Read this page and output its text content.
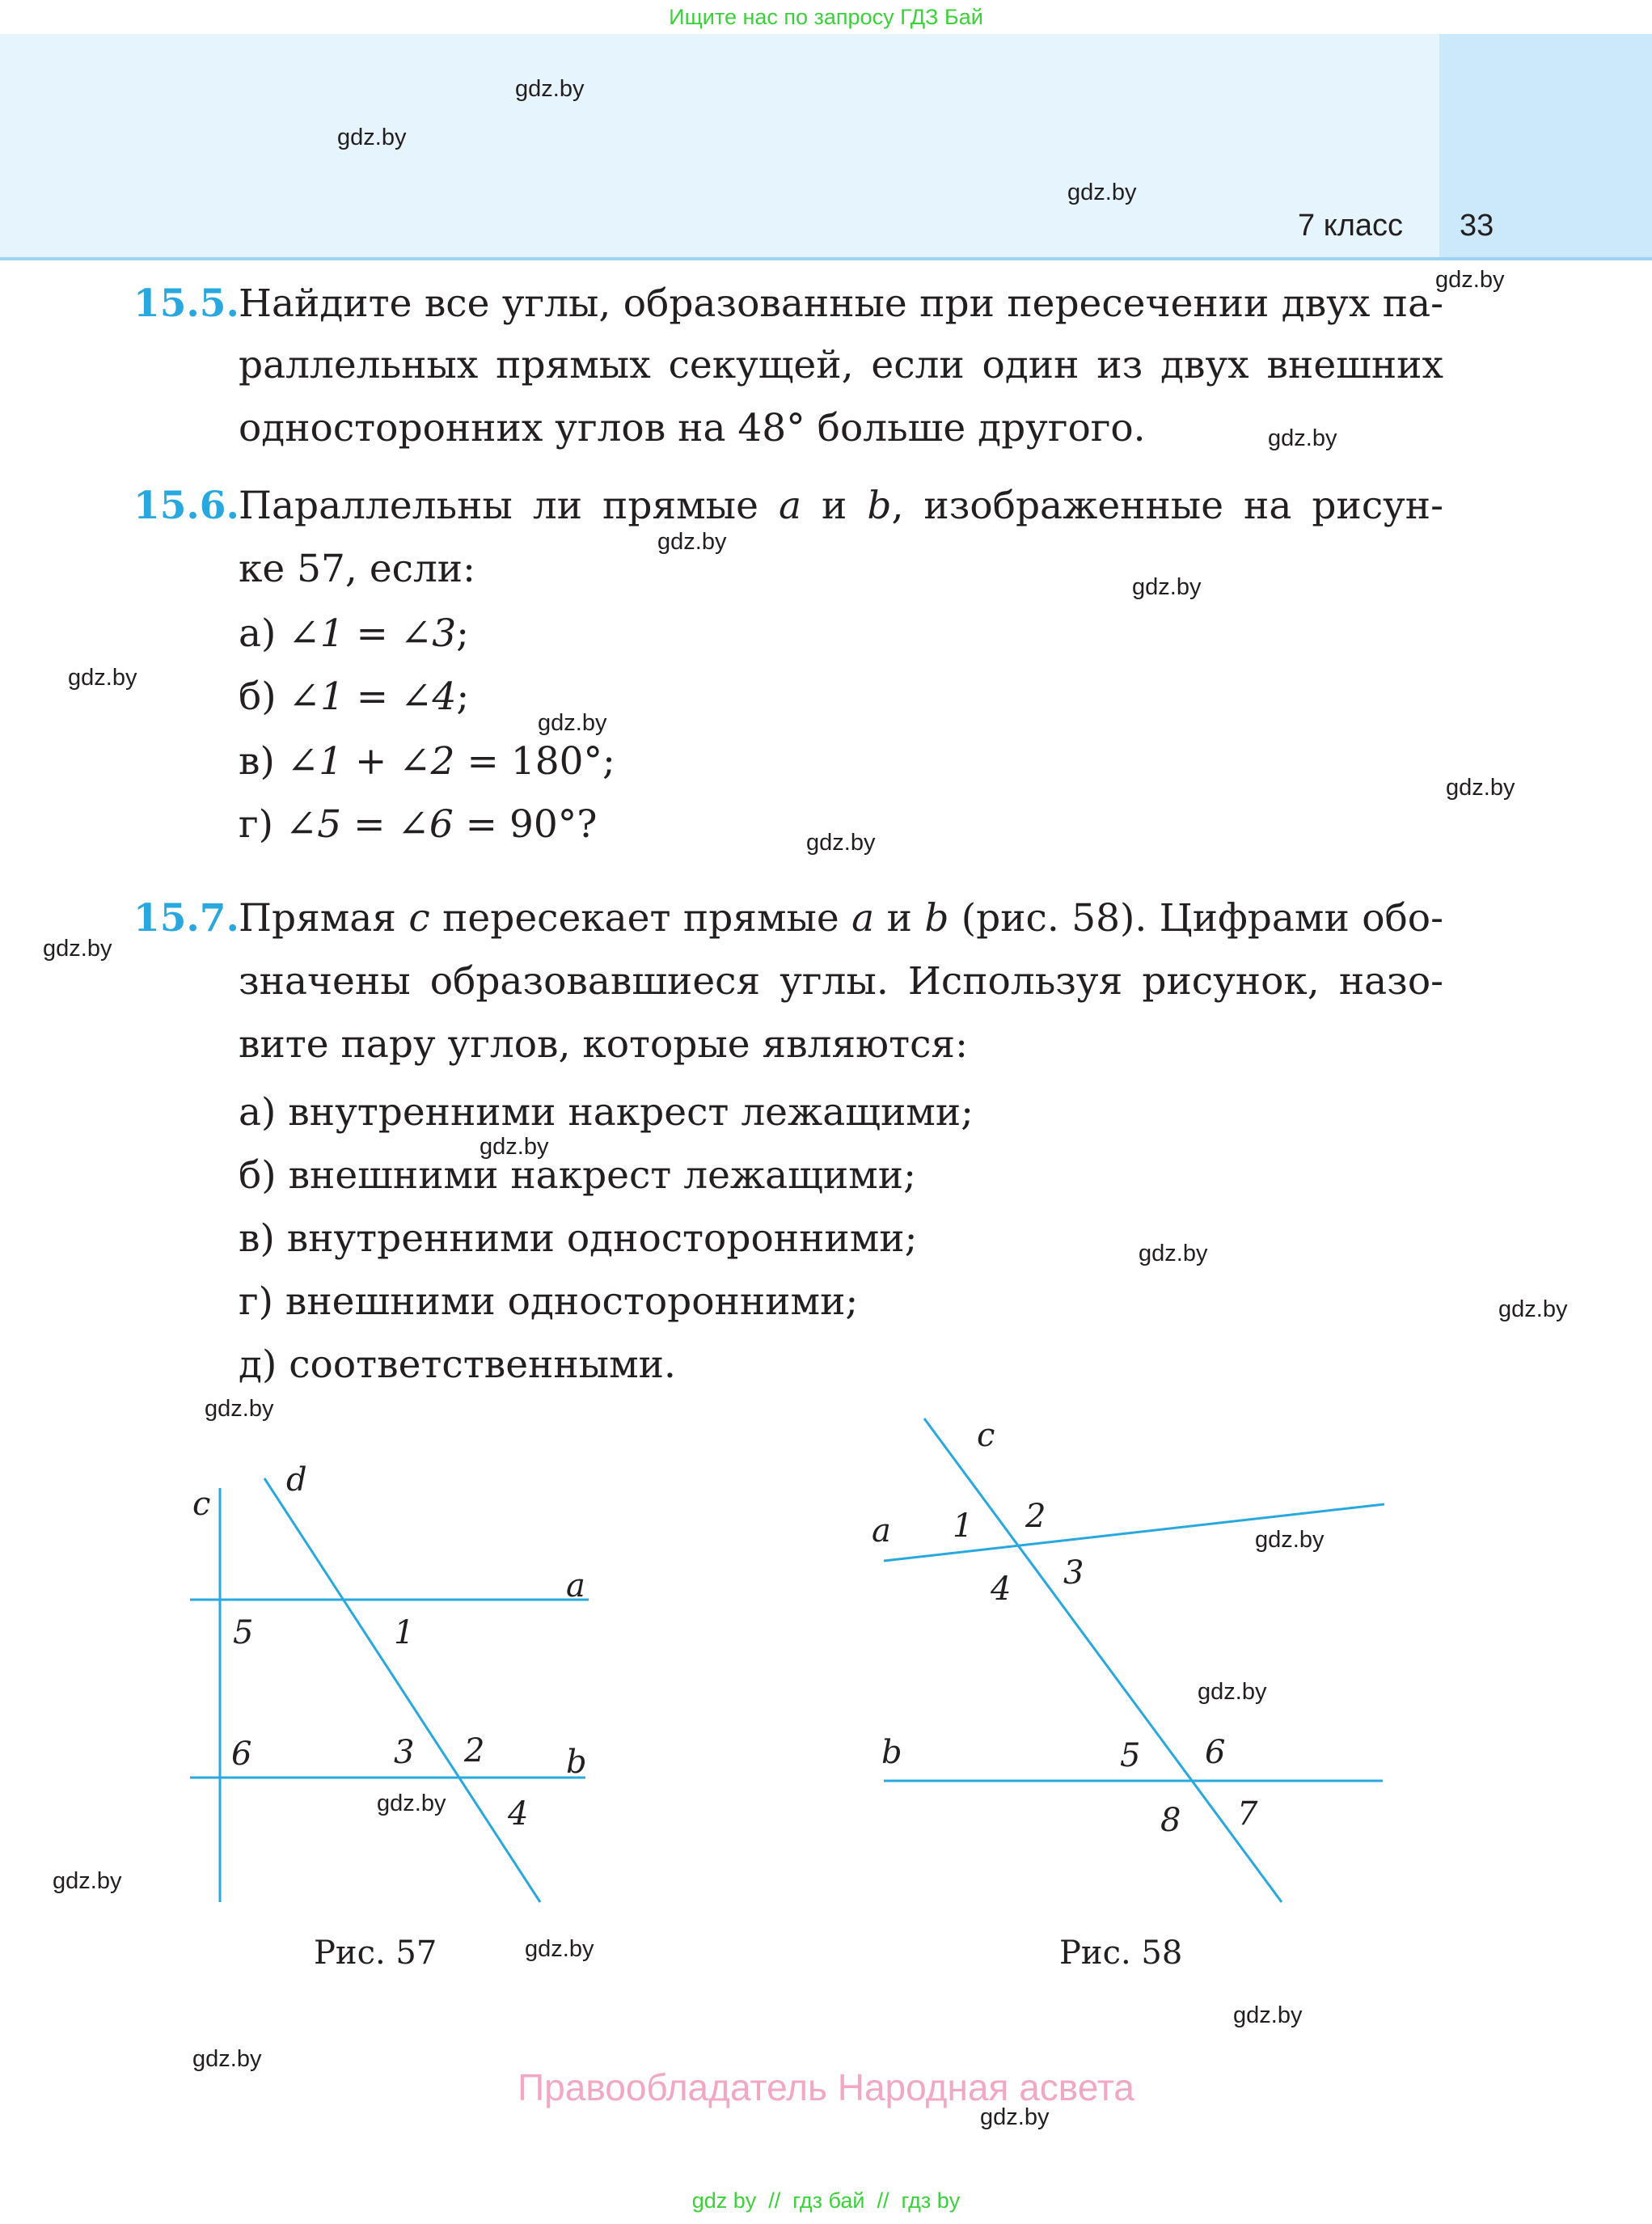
Ищите нас по запросу ГДЗ Бай
7 класс 33
15.5. Найдите все углы, образованные при пересечении двух па-
раллельных прямых секущей, если один из двух внешних
односторонних углов на 48° больше другого.
15.6. Параллельны ли прямые a и b, изображенные на рисун-
ке 57, если:
а) ∠1 = ∠3;
б) ∠1 = ∠4;
в) ∠1 + ∠2 = 180°;
г) ∠5 = ∠6 = 90°?
15.7. Прямая c пересекает прямые a и b (рис. 58). Цифрами обо-
значены образовавшиеся углы. Используя рисунок, назо-
вите пару углов, которые являются:
а) внутренними накрест лежащими;
б) внешними накрест лежащими;
в) внутренними односторонними;
г) внешними односторонними;
д) соответственными.
c
d
a
b
5	1
6	3 2
4
c
a
b
1 2
4 3
5 6
8 7
Рис. 57	Рис. 58
gdz.by
gdz.by
gdz.by
gdz.by
gdz.by
gdz.by
gdz.by
gdz.by
gdz.by
gdz.by
gdz.by
gdz.by
gdz.by
gdz.by
gdz.by
gdz.by
gdz.by
gdz.by
gdz.by
gdz.by
gdz.by
gdz.by
gdz.by
gdz.by
Правообладатель Народная асвета
gdz by  //  гдз бай  //  гдз by
